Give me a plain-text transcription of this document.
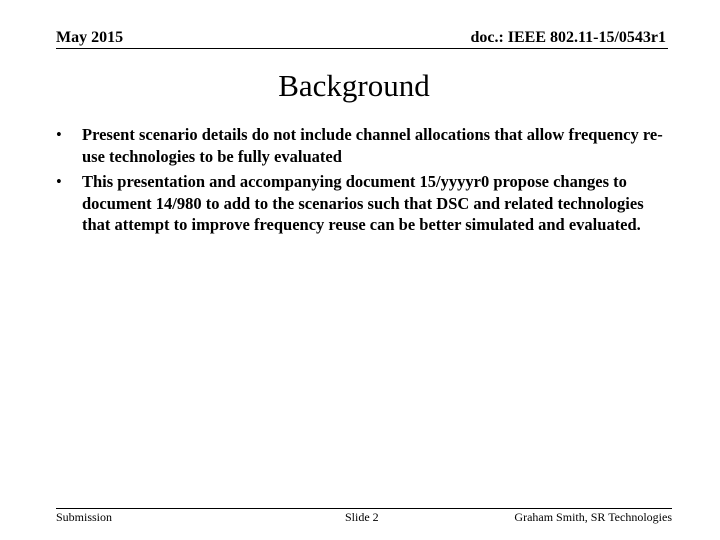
May 2015	doc.: IEEE 802.11-15/0543r1
Background
• Present scenario details do not include channel allocations that allow frequency re-use technologies to be fully evaluated
• This presentation and accompanying document 15/yyyyr0 propose changes to document 14/980 to add to the scenarios such that DSC and related technologies that attempt to improve frequency reuse can be better simulated and evaluated.
Submission	Slide 2	Graham Smith, SR Technologies
